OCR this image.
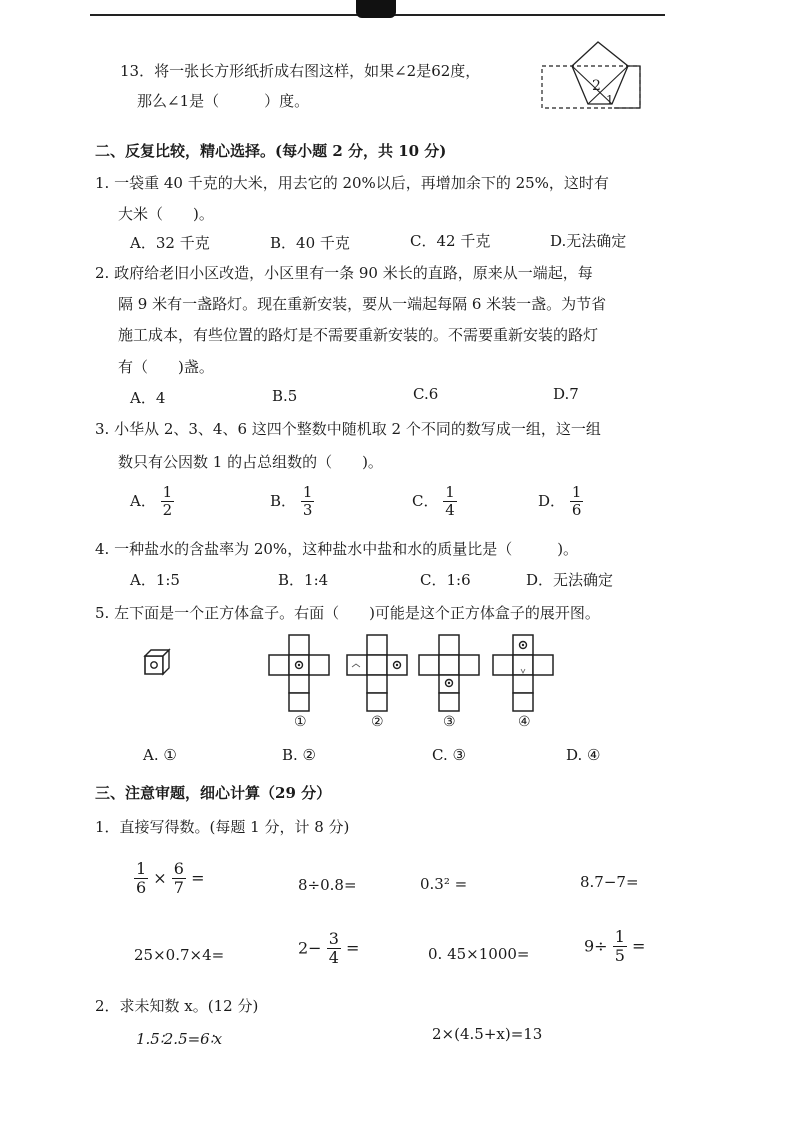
13．将一张长方形纸折成右图这样，如果∠2是62度，
那么∠1是（　　　）度。
2
1
二、反复比较，精心选择。(每小题 2 分，共 10 分)
1. 一袋重 40 千克的大米，用去它的 20%以后，再增加余下的 25%，这时有
大米（　　)。
A．32 千克	B．40 千克	C．42 千克	D.无法确定
2. 政府给老旧小区改造，小区里有一条 90 米长的直路，原来从一端起，每
隔 9 米有一盏路灯。现在重新安装，要从一端起每隔 6 米装一盏。为节省
施工成本，有些位置的路灯是不需要重新安装的。不需要重新安装的路灯
有（　　)盏。
A．4	B.5	C.6	D.7
3. 小华从 2、3、4、6 这四个整数中随机取 2 个不同的数写成一组，这一组
数只有公因数 1 的占总组数的（　　)。
A． $\frac{1}{2}$	B． $\frac{1}{3}$	C． $\frac{1}{4}$	D． $\frac{1}{6}$
4. 一种盐水的含盐率为 20%，这种盐水中盐和水的质量比是（　　　)。
A．1:5	B．1:4	C．1:6	D．无法确定
5. 左下面是一个正方体盒子。右面（　　)可能是这个正方体盒子的展开图。
①	②	③	④
A. ①	B. ②	C. ③	D. ④
三、注意审题，细心计算（29 分）
1．直接写得数。(每题 1 分，计 8 分)
$\frac{1}{6} \times \frac{6}{7}$ =	8÷0.8=	0.3² =	8.7−7=
25×0.7×4=	$2- \frac{3}{4}$ =	0. 45×1000=	$9\div \frac{1}{5}$ =
2．求未知数 x。(12 分)
1.5∶2.5=6∶x	2×(4.5+x)=13
